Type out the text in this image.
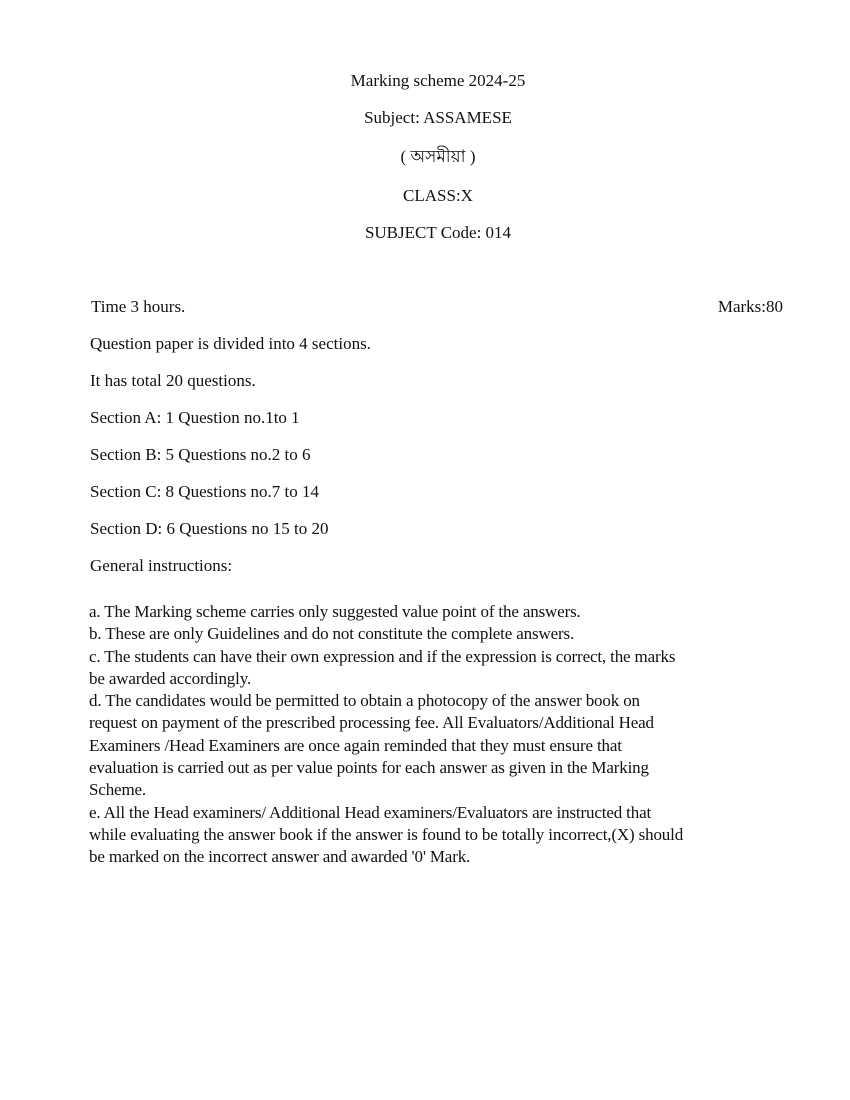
Marking scheme 2024-25
Subject: ASSAMESE
( অসমীয়া )
CLASS:X
SUBJECT Code: 014
Time 3 hours.	Marks:80
Question paper is divided into 4 sections.
It has total 20 questions.
Section A: 1 Question no.1to 1
Section B: 5 Questions no.2 to 6
Section C: 8 Questions no.7 to 14
Section D: 6 Questions no 15 to 20
General instructions:
a. The Marking scheme carries only suggested value point of the answers.
b. These are only Guidelines and do not constitute the complete answers.
c. The students can have their own expression and if the expression is correct, the marks
be awarded accordingly.
d. The candidates would be permitted to obtain a photocopy of the answer book on
request on payment of the prescribed processing fee. All Evaluators/Additional Head
Examiners /Head Examiners are once again reminded that they must ensure that
evaluation is carried out as per value points for each answer as given in the Marking
Scheme.
e. All the Head examiners/ Additional Head examiners/Evaluators are instructed that
while evaluating the answer book if the answer is found to be totally incorrect,(X) should
be marked on the incorrect answer and awarded '0' Mark.
